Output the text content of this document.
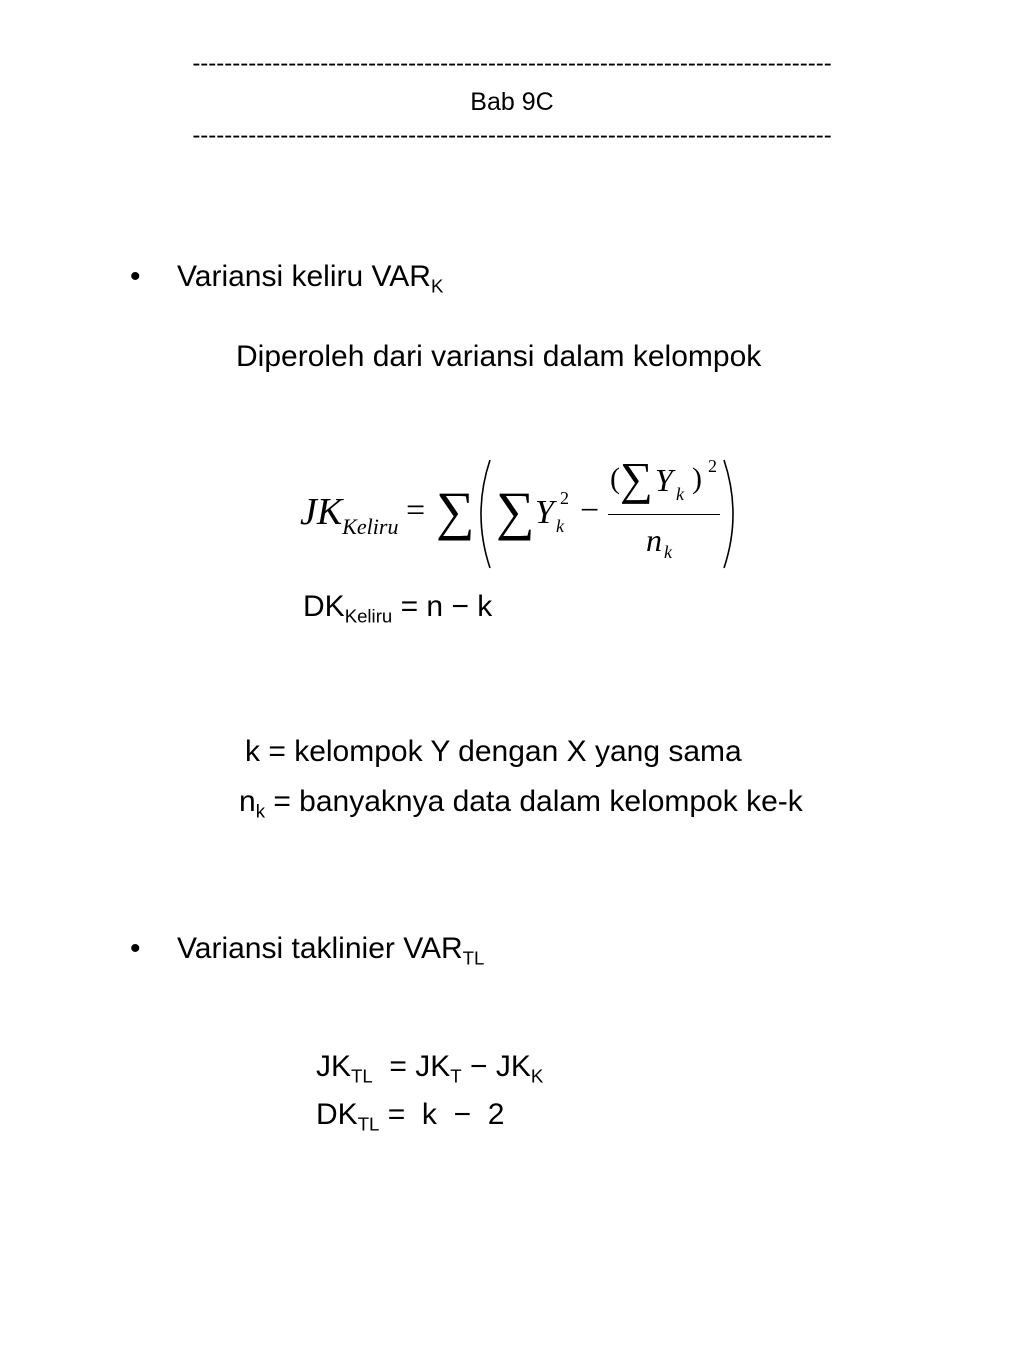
--------------------------------------------------------------------------------
Bab 9C
--------------------------------------------------------------------------------
• Variansi keliru $VAR_K$
Diperoleh dari variansi dalam kelompok
$JK_{Keliru}$ = ∑ ∑ Y 2
k −
( ∑ Y k ) 2
n k
$DK_{Keliru} = n - k$
k = kelompok Y dengan X yang sama
$n_k$ = banyaknya data dalam kelompok ke-k
• Variansi taklinier $VAR_{TL}$
$JK_{TL} = JK_T - JK_K$
$DK_{TL} = k - 2$
